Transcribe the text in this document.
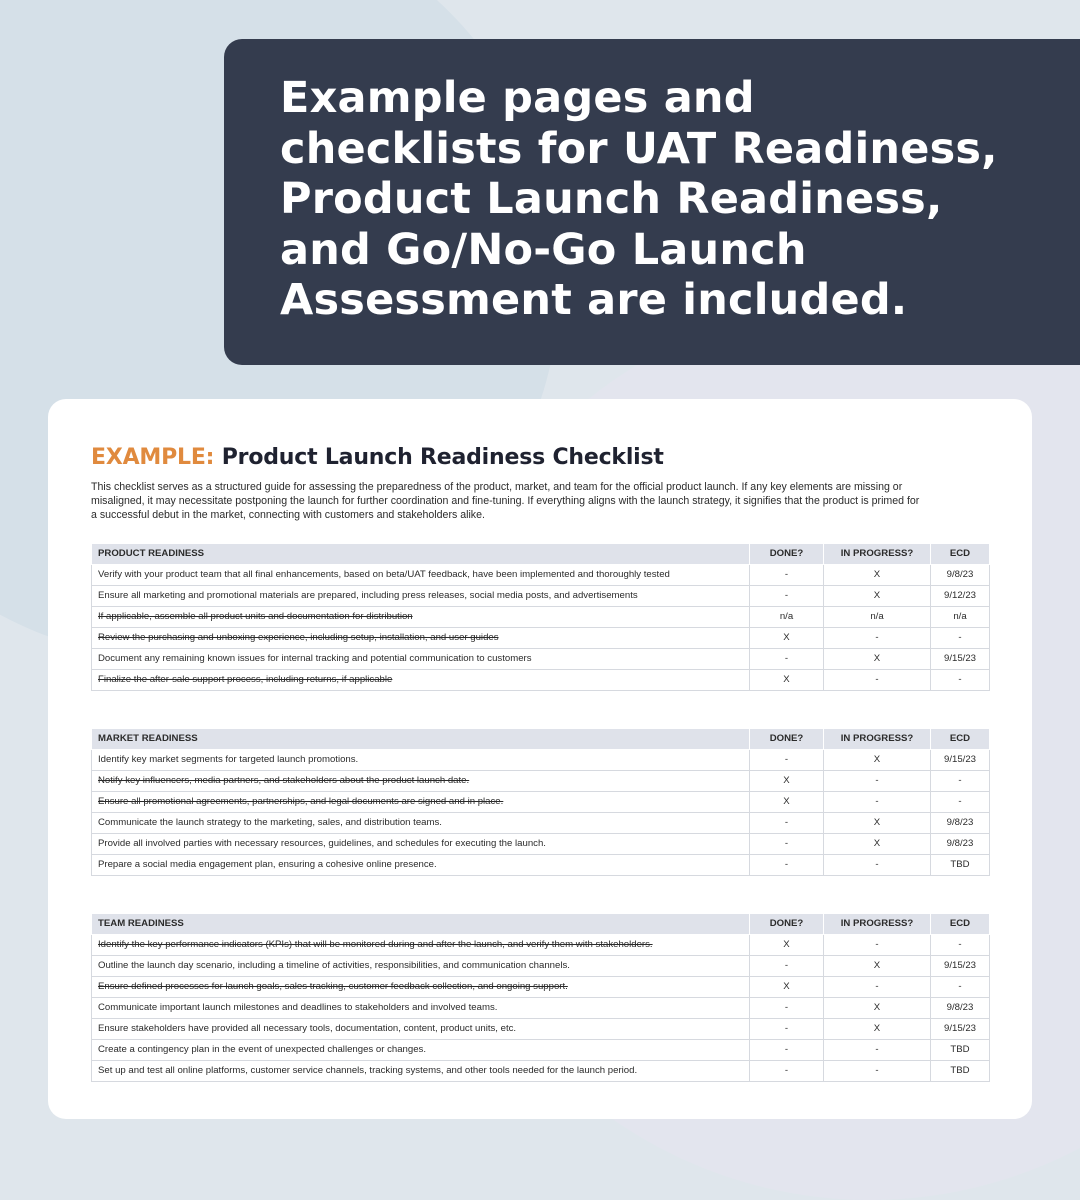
Example pages and
checklists for UAT Readiness,
Product Launch Readiness,
and Go/No-Go Launch
Assessment are included.

EXAMPLE: Product Launch Readiness Checklist

This checklist serves as a structured guide for assessing the preparedness of the product, market, and team for the official product launch. If any key elements are missing or
misaligned, it may necessitate postponing the launch for further coordination and fine-tuning. If everything aligns with the launch strategy, it signifies that the product is primed for
a successful debut in the market, connecting with customers and stakeholders alike.

PRODUCT READINESS	DONE?	IN PROGRESS?	ECD
Verify with your product team that all final enhancements, based on beta/UAT feedback, have been implemented and thoroughly tested	-	X	9/8/23
Ensure all marketing and promotional materials are prepared, including press releases, social media posts, and advertisements	-	X	9/12/23
If applicable, assemble all product units and documentation for distribution	n/a	n/a	n/a
Review the purchasing and unboxing experience, including setup, installation, and user guides	X	-	-
Document any remaining known issues for internal tracking and potential communication to customers	-	X	9/15/23
Finalize the after-sale support process, including returns, if applicable	X	-	-
MARKET READINESS	DONE?	IN PROGRESS?	ECD
Identify key market segments for targeted launch promotions.	-	X	9/15/23
Notify key influencers, media partners, and stakeholders about the product launch date.	X	-	-
Ensure all promotional agreements, partnerships, and legal documents are signed and in place.	X	-	-
Communicate the launch strategy to the marketing, sales, and distribution teams.	-	X	9/8/23
Provide all involved parties with necessary resources, guidelines, and schedules for executing the launch.	-	X	9/8/23
Prepare a social media engagement plan, ensuring a cohesive online presence.	-	-	TBD
TEAM READINESS	DONE?	IN PROGRESS?	ECD
Identify the key performance indicators (KPIs) that will be monitored during and after the launch, and verify them with stakeholders.	X	-	-
Outline the launch day scenario, including a timeline of activities, responsibilities, and communication channels.	-	X	9/15/23
Ensure defined processes for launch goals, sales tracking, customer feedback collection, and ongoing support.	X	-	-
Communicate important launch milestones and deadlines to stakeholders and involved teams.	-	X	9/8/23
Ensure stakeholders have provided all necessary tools, documentation, content, product units, etc.	-	X	9/15/23
Create a contingency plan in the event of unexpected challenges or changes.	-	-	TBD
Set up and test all online platforms, customer service channels, tracking systems, and other tools needed for the launch period.	-	-	TBD
